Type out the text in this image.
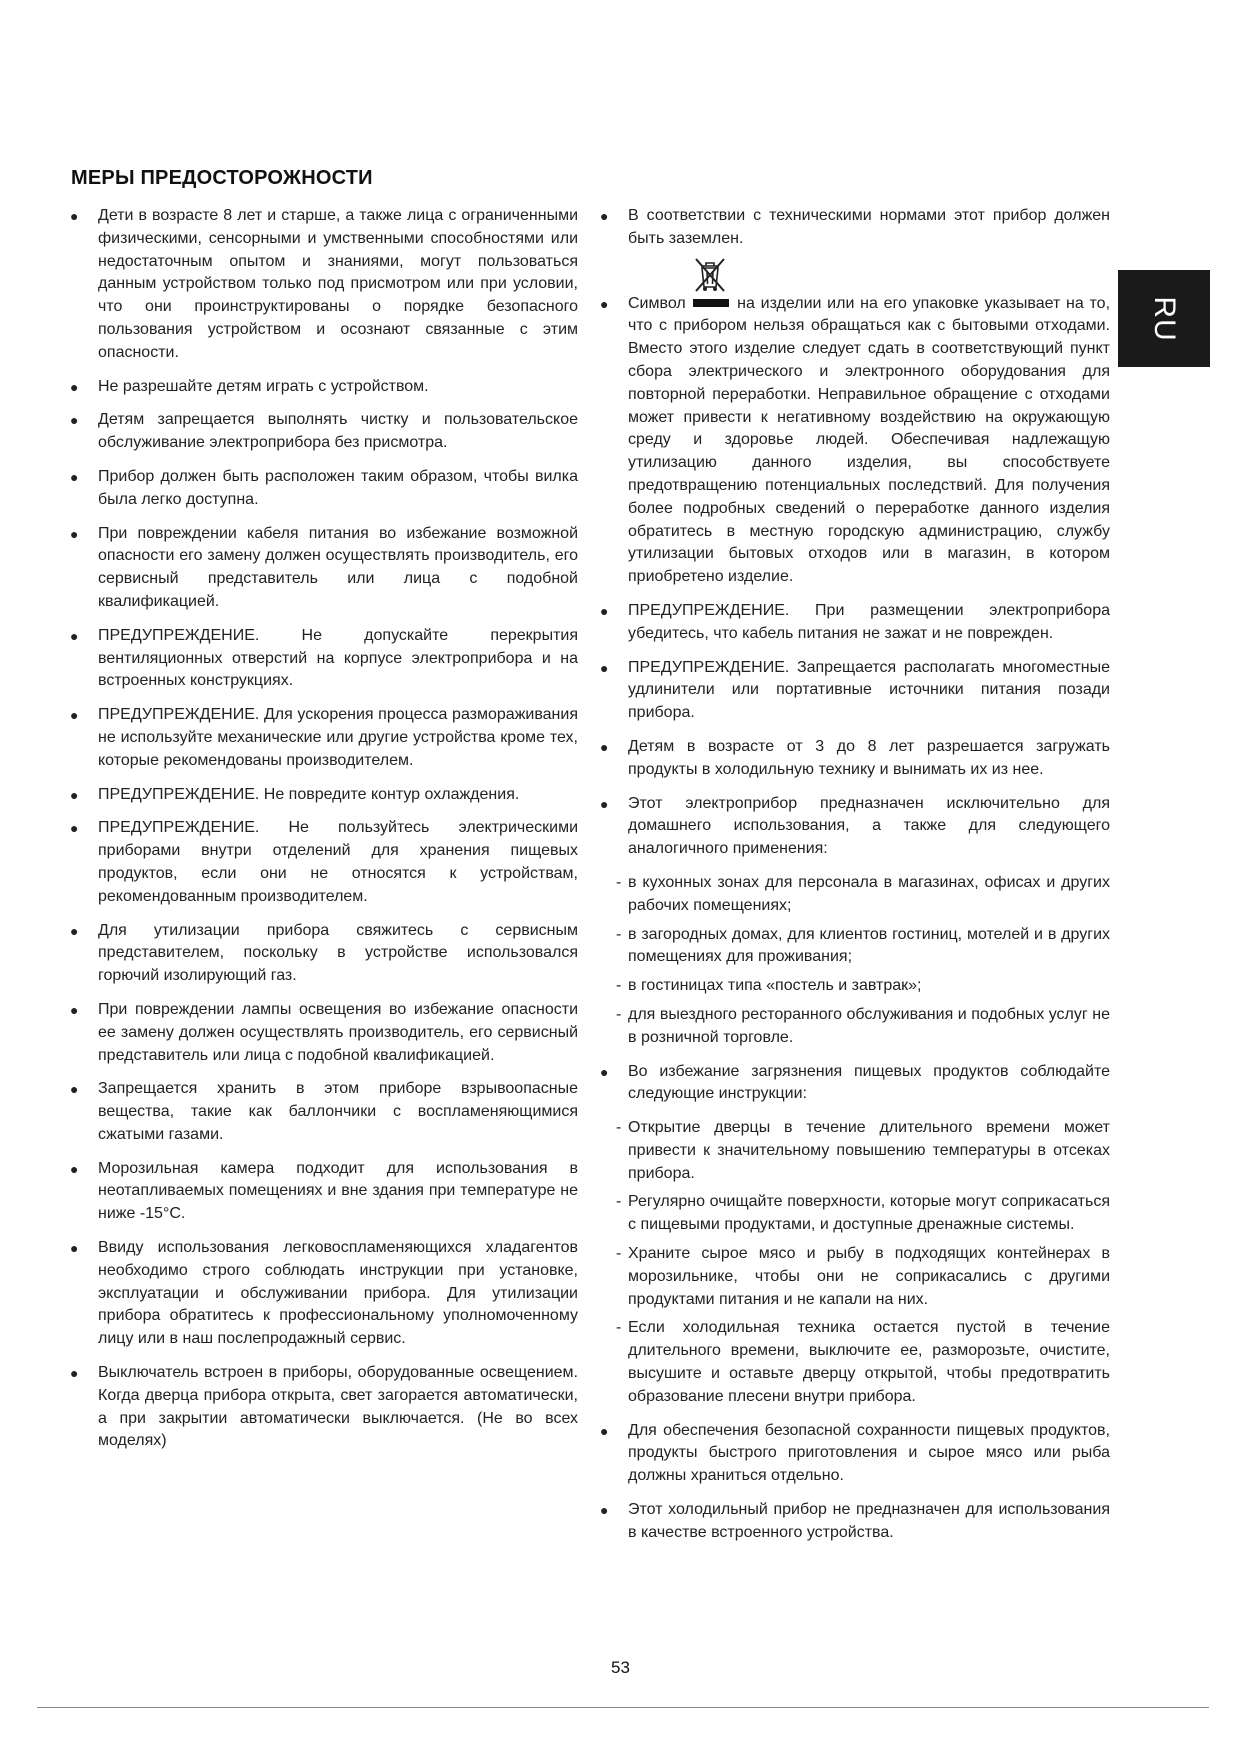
МЕРЫ ПРЕДОСТОРОЖНОСТИ
RU
● Дети в возрасте 8 лет и старше, а также лица с ограниченными физическими, сенсорными и умственными способностями или недостаточным опытом и знаниями, могут пользоваться данным устройством только под присмотром или при условии, что они проинструктированы о порядке безопасного пользования устройством и осознают связанные с этим опасности.
● Не разрешайте детям играть с устройством.
● Детям запрещается выполнять чистку и пользовательское обслуживание электроприбора без присмотра.
● Прибор должен быть расположен таким образом, чтобы вилка была легко доступна.
● При повреждении кабеля питания во избежание возможной опасности его замену должен осуществлять производитель, его сервисный представитель или лица с подобной квалификацией.
● ПРЕДУПРЕЖДЕНИЕ. Не допускайте перекрытия вентиляционных отверстий на корпусе электроприбора и на встроенных конструкциях.
● ПРЕДУПРЕЖДЕНИЕ. Для ускорения процесса размораживания не используйте механические или другие устройства кроме тех, которые рекомендованы производителем.
● ПРЕДУПРЕЖДЕНИЕ. Не повредите контур охлаждения.
● ПРЕДУПРЕЖДЕНИЕ. Не пользуйтесь электрическими приборами внутри отделений для хранения пищевых продуктов, если они не относятся к устройствам, рекомендованным производителем.
● Для утилизации прибора свяжитесь с сервисным представителем, поскольку в устройстве использовался горючий изолирующий газ.
● При повреждении лампы освещения во избежание опасности ее замену должен осуществлять производитель, его сервисный представитель или лица с подобной квалификацией.
● Запрещается хранить в этом приборе взрывоопасные вещества, такие как баллончики с воспламеняющимися сжатыми газами.
● Морозильная камера подходит для использования в неотапливаемых помещениях и вне здания при температуре не ниже -15°C.
● Ввиду использования легковоспламеняющихся хладагентов необходимо строго соблюдать инструкции при установке, эксплуатации и обслуживании прибора. Для утилизации прибора обратитесь к профессиональному уполномоченному лицу или в наш послепродажный сервис.
● Выключатель встроен в приборы, оборудованные освещением. Когда дверца прибора открыта, свет загорается автоматически, а при закрытии автоматически выключается. (Не во всех моделях)
● В соответствии с техническими нормами этот прибор должен быть заземлен.
● Символ	на изделии или на его упаковке указывает на то, что с прибором нельзя обращаться как с бытовыми отходами. Вместо этого изделие следует сдать в соответствующий пункт сбора электрического и электронного оборудования для повторной переработки. Неправильное обращение с отходами может привести к негативному воздействию на окружающую среду и здоровье людей. Обеспечивая надлежащую утилизацию данного изделия, вы способствуете предотвращению потенциальных последствий. Для получения более подробных сведений о переработке данного изделия обратитесь в местную городскую администрацию, службу утилизации бытовых отходов или в магазин, в котором приобретено изделие.
● ПРЕДУПРЕЖДЕНИЕ. При размещении электроприбора убедитесь, что кабель питания не зажат и не поврежден.
● ПРЕДУПРЕЖДЕНИЕ. Запрещается располагать многоместные удлинители или портативные источники питания позади прибора.
● Детям в возрасте от 3 до 8 лет разрешается загружать продукты в холодильную технику и вынимать их из нее.
● Этот электроприбор предназначен исключительно для домашнего использования, а также для следующего аналогичного применения:
- в кухонных зонах для персонала в магазинах, офисах и других рабочих помещениях;
- в загородных домах, для клиентов гостиниц, мотелей и в других помещениях для проживания;
- в гостиницах типа «постель и завтрак»;
- для выездного ресторанного обслуживания и подобных услуг не в розничной торговле.
● Во избежание загрязнения пищевых продуктов соблюдайте следующие инструкции:
- Открытие дверцы в течение длительного времени может привести к значительному повышению температуры в отсеках прибора.
- Регулярно очищайте поверхности, которые могут соприкасаться с пищевыми продуктами, и доступные дренажные системы.
- Храните сырое мясо и рыбу в подходящих контейнерах в морозильнике, чтобы они не соприкасались с другими продуктами питания и не капали на них.
- Если холодильная техника остается пустой в течение длительного времени, выключите ее, разморозьте, очистите, высушите и оставьте дверцу открытой, чтобы предотвратить образование плесени внутри прибора.
● Для обеспечения безопасной сохранности пищевых продуктов, продукты быстрого приготовления и сырое мясо или рыба должны храниться отдельно.
● Этот холодильный прибор не предназначен для использования в качестве встроенного устройства.
53
